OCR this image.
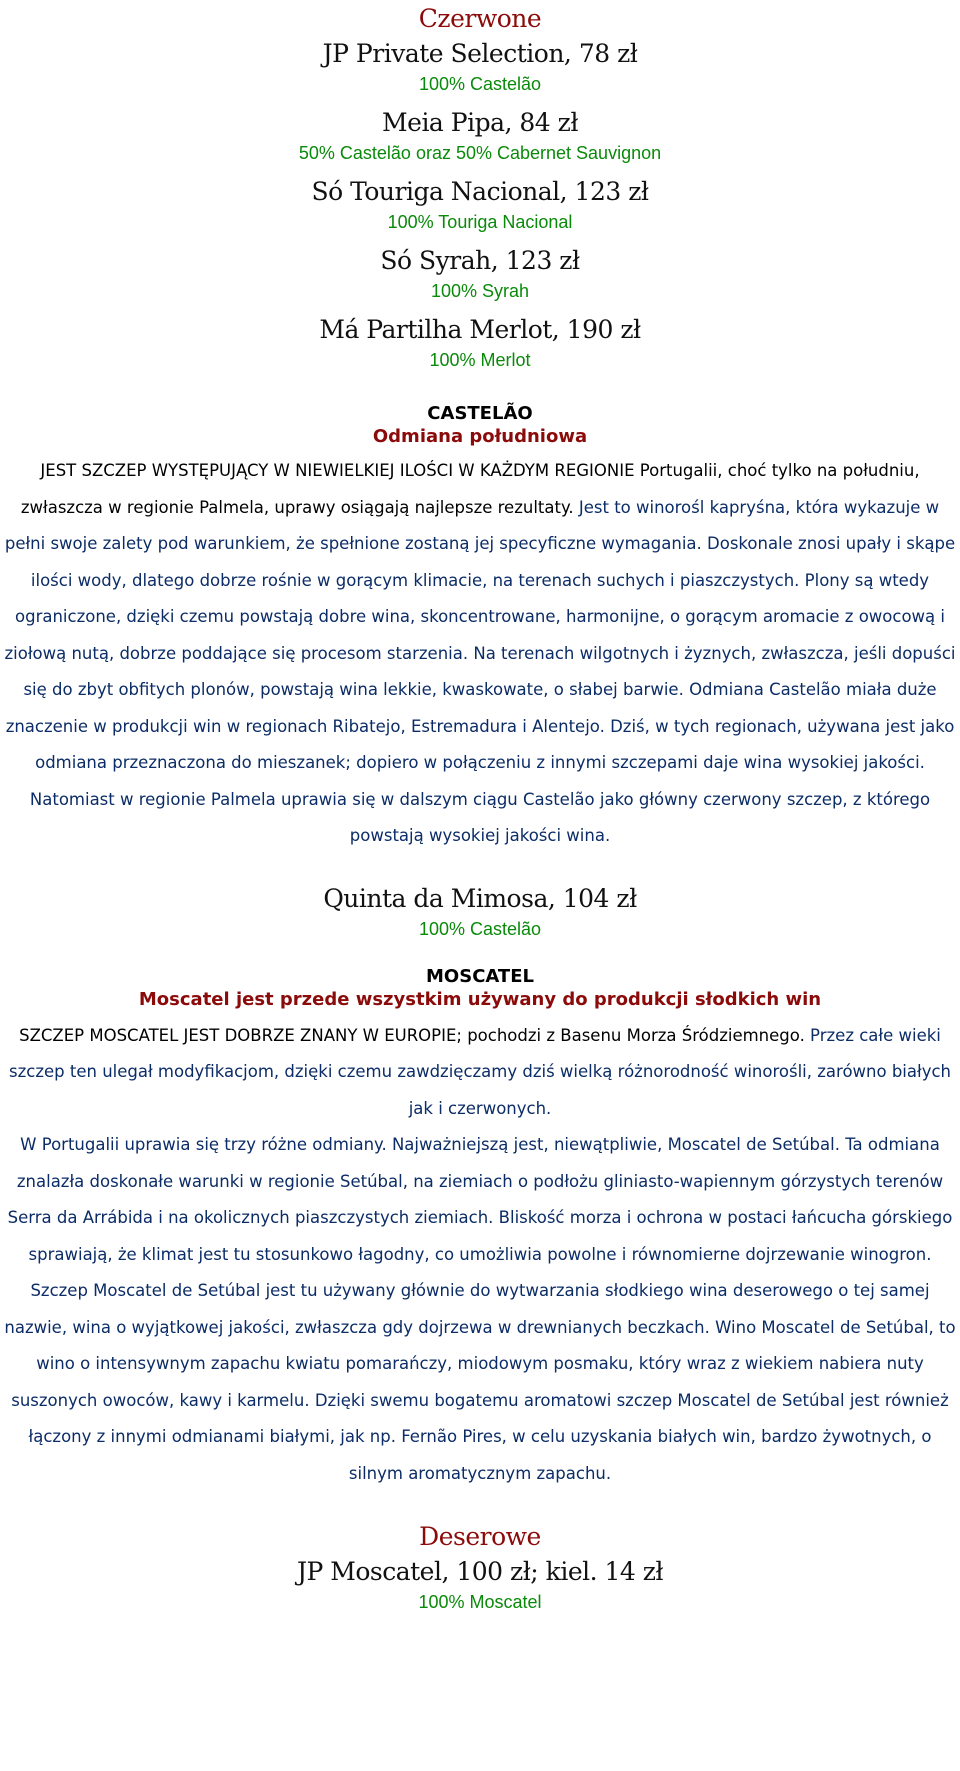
Czerwone
JP Private Selection, 78 zł
100% Castelão
Meia Pipa, 84 zł
50% Castelão oraz 50% Cabernet Sauvignon
Só Touriga Nacional, 123 zł
100% Touriga Nacional
Só Syrah, 123 zł
100% Syrah
Má Partilha Merlot, 190 zł
100% Merlot
CASTELÃO
Odmiana południowa

JEST SZCZEP WYSTĘPUJĄCY W NIEWIELKIEJ ILOŚCI W KAŻDYM REGIONIE Portugalii, choć tylko na południu, zwłaszcza w regionie Palmela, uprawy osiągają najlepsze rezultaty. Jest to winorośl kapryśna, która wykazuje w pełni swoje zalety pod warunkiem, że spełnione zostaną jej specyficzne wymagania. Doskonale znosi upały i skąpe ilości wody, dlatego dobrze rośnie w gorącym klimacie, na terenach suchych i piaszczystych. Plony są wtedy ograniczone, dzięki czemu powstają dobre wina, skoncentrowane, harmonijne, o gorącym aromacie z owocową i ziołową nutą, dobrze poddające się procesom starzenia. Na terenach wilgotnych i żyznych, zwłaszcza, jeśli dopuści się do zbyt obfitych plonów, powstają wina lekkie, kwaskowate, o słabej barwie. Odmiana Castelão miała duże znaczenie w produkcji win w regionach Ribatejo, Estremadura i Alentejo. Dziś, w tych regionach, używana jest jako odmiana przeznaczona do mieszanek; dopiero w połączeniu z innymi szczepami daje wina wysokiej jakości. Natomiast w regionie Palmela uprawia się w dalszym ciągu Castelão jako główny czerwony szczep, z którego powstają wysokiej jakości wina.

Quinta da Mimosa, 104 zł
100% Castelão
MOSCATEL
Moscatel jest przede wszystkim używany do produkcji słodkich win

SZCZEP MOSCATEL JEST DOBRZE ZNANY W EUROPIE; pochodzi z Basenu Morza Śródziemnego. Przez całe wieki szczep ten ulegał modyfikacjom, dzięki czemu zawdzięczamy dziś wielką różnorodność winorośli, zarówno białych jak i czerwonych.
W Portugalii uprawia się trzy różne odmiany. Najważniejszą jest, niewątpliwie, Moscatel de Setúbal. Ta odmiana znalazła doskonałe warunki w regionie Setúbal, na ziemiach o podłożu gliniasto-wapiennym górzystych terenów Serra da Arrábida i na okolicznych piaszczystych ziemiach. Bliskość morza i ochrona w postaci łańcucha górskiego sprawiają, że klimat jest tu stosunkowo łagodny, co umożliwia powolne i równomierne dojrzewanie winogron. Szczep Moscatel de Setúbal jest tu używany głównie do wytwarzania słodkiego wina deserowego o tej samej nazwie, wina o wyjątkowej jakości, zwłaszcza gdy dojrzewa w drewnianych beczkach. Wino Moscatel de Setúbal, to wino o intensywnym zapachu kwiatu pomarańczy, miodowym posmaku, który wraz z wiekiem nabiera nuty suszonych owoców, kawy i karmelu. Dzięki swemu bogatemu aromatowi szczep Moscatel de Setúbal jest również łączony z innymi odmianami białymi, jak np. Fernão Pires, w celu uzyskania białych win, bardzo żywotnych, o silnym aromatycznym zapachu.

Deserowe
JP Moscatel, 100 zł; kiel. 14 zł
100% Moscatel
